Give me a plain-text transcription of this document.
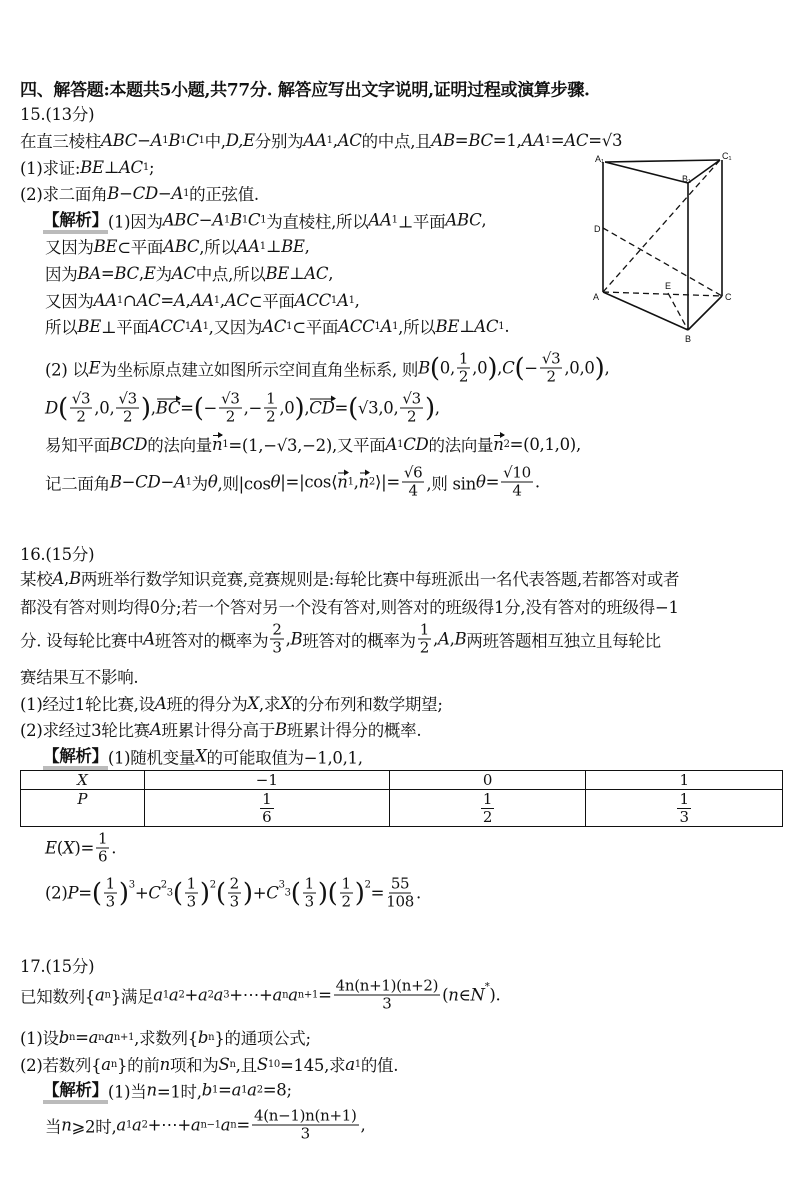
四、解答题:本题共5小题,共77分. 解答应写出文字说明,证明过程或演算步骤.
15.(13分)
在直三棱柱 ABC − A 1 B 1 C 1 中, D,E 分别为 AA 1 , AC 的中点,且 AB = BC =1, AA 1 = AC =√3
(1)求证: BE ⊥ AC 1 ;
(2)求二面角 B − CD − A 1 的正弦值.
【解析】 (1)因为 ABC − A 1 B 1 C 1 为直棱柱,所以 AA 1 ⊥平面 ABC ,
又因为 BE ⊂平面 ABC ,所以 AA 1 ⊥ BE ,
因为 BA = BC , E 为 AC 中点,所以 BE ⊥ AC ,
又因为 AA 1 ∩ AC = A , AA 1 , AC ⊂平面 ACC 1 A 1 ,
所以 BE ⊥平面 ACC 1 A 1 ,又因为 AC 1 ⊂平面 ACC 1 A 1 ,所以 BE ⊥ AC 1 .
(2) 以 E 为坐标原点建立如图所示空间直角坐标系, 则 B ( 0, $\frac{1}{2} ,0$ ) , C ( − $\frac{√3}{2} ,0,0$ ) ,
D ( $\frac{√3}{2} ,0$, $\frac{√3}{2}$ ) , BC = ( − $\frac{√3}{2}$ ,− $\frac{1}{2} ,0$ ) , CD = ( √3,0, $\frac{√3}{2}$ ) ,
易知平面 BCD 的法向量 n 1 =(1,−√3,−2),又平面 A 1 CD 的法向量 n 2 =(0,1,0),
记二面角 B − CD − A 1 为 θ ,则|cos θ |=|cos⟨ n 1 , n 2 ⟩|= $\frac{√6}{4}$ ,则 $\sin \theta = \frac{√10}{4}$ .
16.(15分)
某校 A , B 两班举行数学知识竞赛,竞赛规则是:每轮比赛中每班派出一名代表答题,若都答对或者
都没有答对则均得0分;若一个答对另一个没有答对,则答对的班级得1分,没有答对的班级得−1
分. 设每轮比赛中 A 班答对的概率为 $\frac{2}{3}$ , B 班答对的概率为 $\frac{1}{2}$ , A , B 两班答题相互独立且每轮比
赛结果互不影响.
(1)经过1轮比赛,设 A 班的得分为 X ,求 X 的分布列和数学期望;
(2)求经过3轮比赛 A 班累计得分高于 B 班累计得分的概率.
【解析】 (1)随机变量 X 的可能取值为−1,0,1,
E ( X )= $\frac{1}{6}$ .
(2) P = ( $\frac{1}{3}$ ) 3 + C 2
3 ( $\frac{1}{3}$ ) 2 ( $\frac{2}{3}$ ) + C 3
3 ( $\frac{1}{3}$ ) ( $\frac{1}{2}$ ) $2 = \frac{55}{108}$ .
17.(15分)
已知数列{ a n }满足 a 1 a 2 + a 2 a 3 +⋯+ a n a $n+1 = \frac{4n(n+1)(n+2)}{3}$ ( n ∈ N * ).
(1)设 b n = a n a n+1 ,求数列{ b n }的通项公式;
(2)若数列{ a n }的前 n 项和为 S n ,且 S 10 =145,求 a 1 的值.
【解析】 (1)当 n =1时, b 1 = a 1 a 2 =8;
当 n ⩾2时, a 1 a 2 +⋯+ a n−1 a $n = \frac{4(n-1)n(n+1)}{3}$ ,
X	−1	0	1
P	$\frac{1}{6}$	$\frac{1}{2}$	$\frac{1}{3}$
A₁	C₁
B₁
D
A
E
C
B
